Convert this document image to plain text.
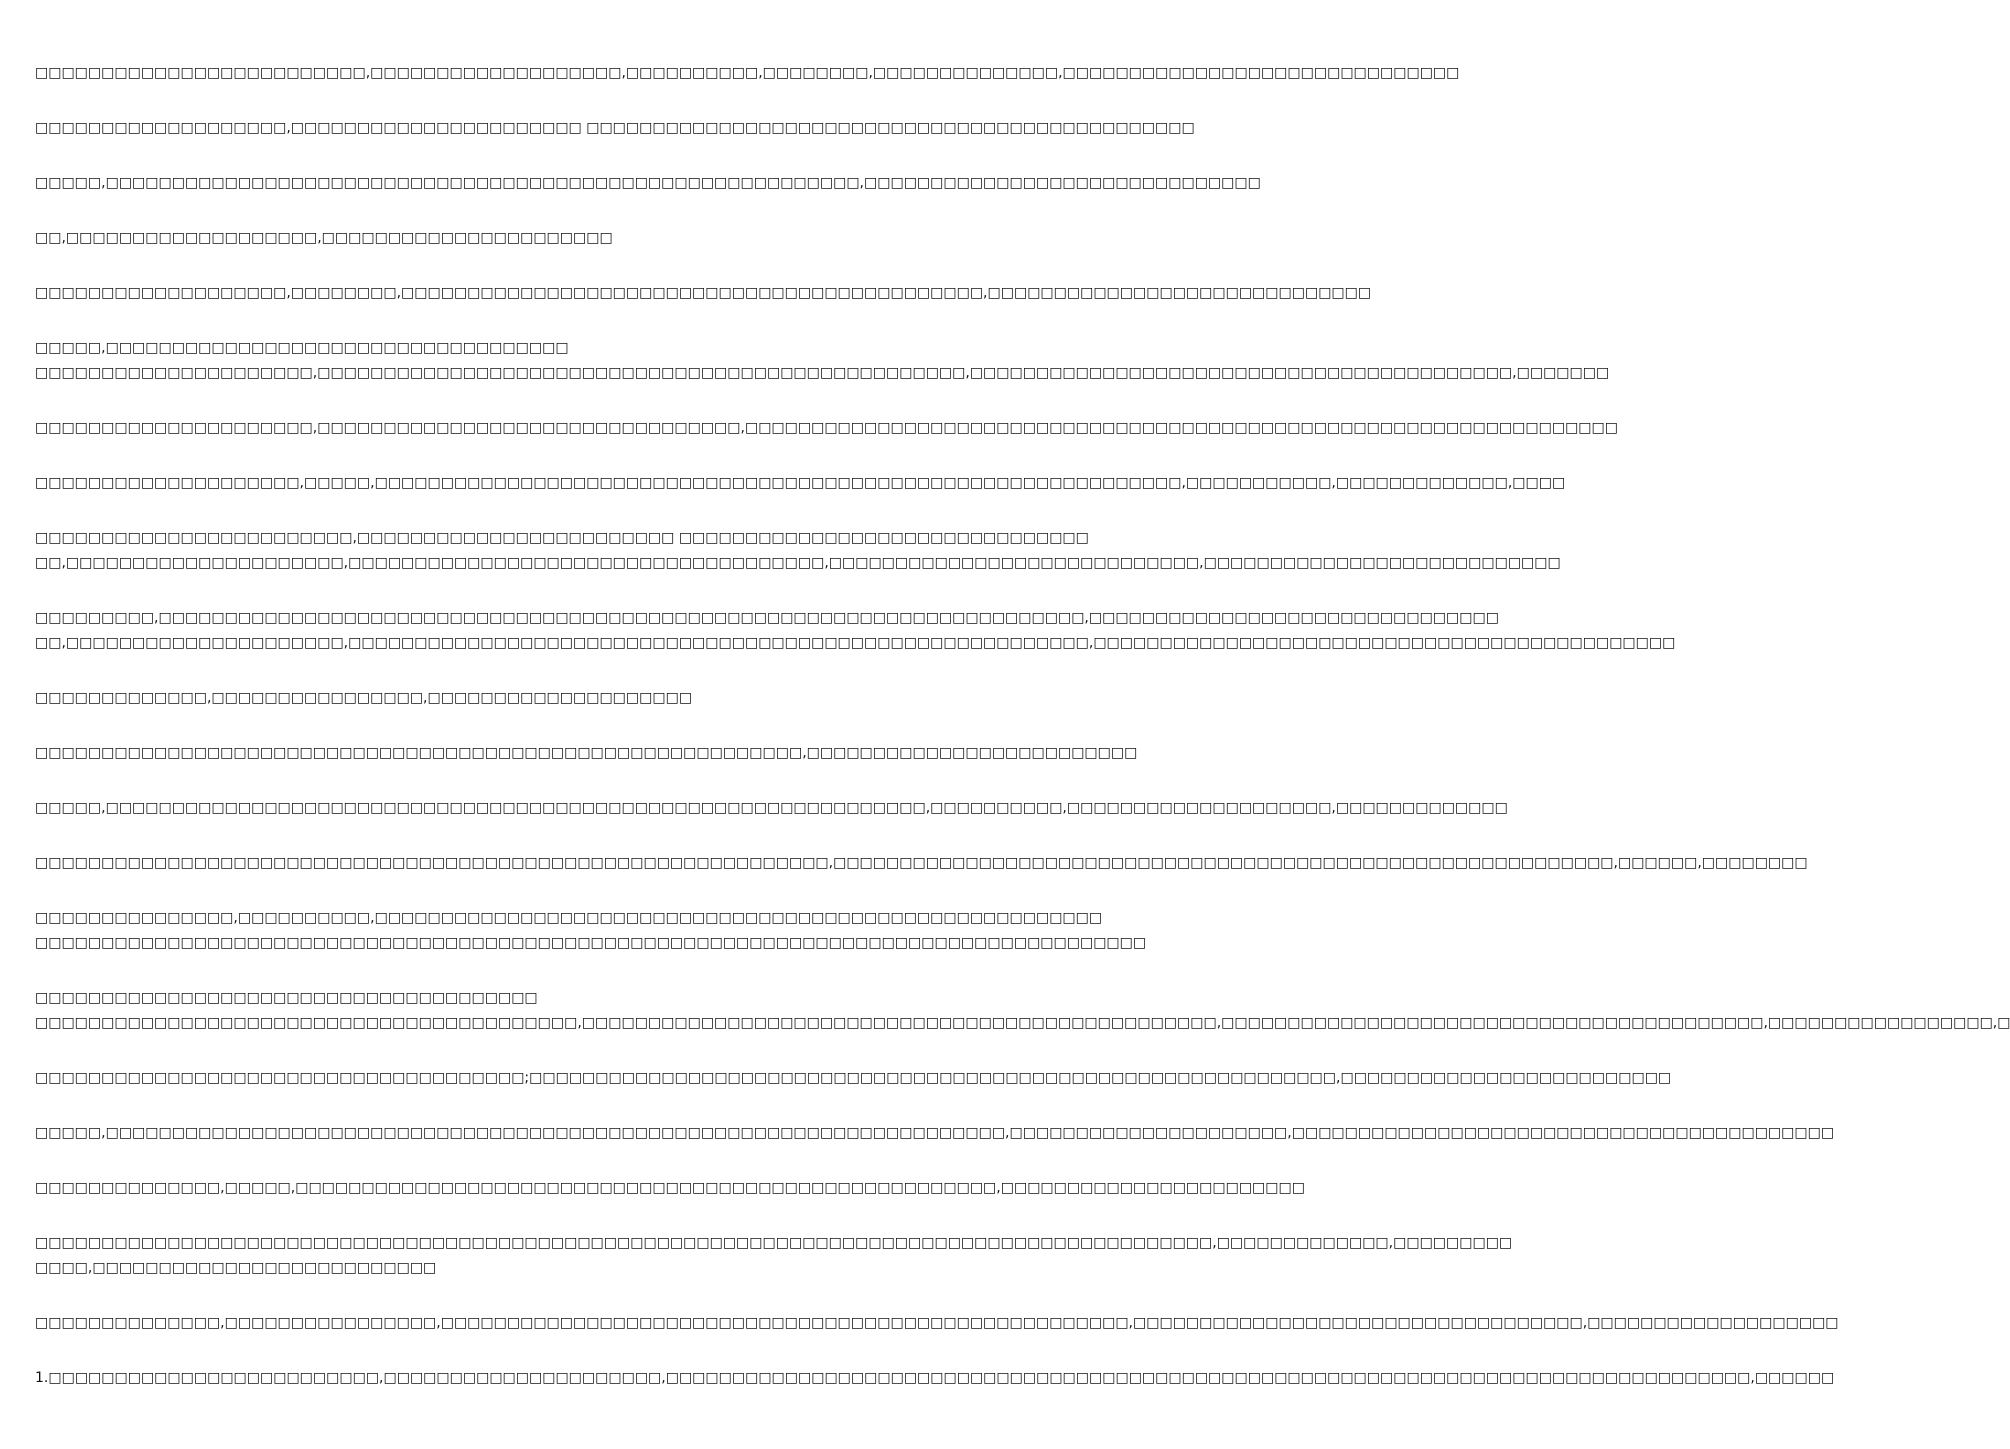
□□□□□□□□□□□□□□□□□□□□□□□□□,□□□□□□□□□□□□□□□□□□□,□□□□□□□□□□,□□□□□□□□,□□□□□□□□□□□□□□,□□□□□□□□□□□□□□□□□□□□□□□□□□□□□□
□□□□□□□□□□□□□□□□□□□,□□□□□□□□□□□□□□□□□□□□□□ □□□□□□□□□□□□□□□□□□□□□□□□□□□□□□□□□□□□□□□□□□□□□□
□□□□□,□□□□□□□□□□□□□□□□□□□□□□□□□□□□□□□□□□□□□□□□□□□□□□□□□□□□□□□□□,□□□□□□□□□□□□□□□□□□□□□□□□□□□□□□
□□,□□□□□□□□□□□□□□□□□□□,□□□□□□□□□□□□□□□□□□□□□□
□□□□□□□□□□□□□□□□□□□,□□□□□□□□,□□□□□□□□□□□□□□□□□□□□□□□□□□□□□□□□□□□□□□□□□□□□,□□□□□□□□□□□□□□□□□□□□□□□□□□□□□
□□□□□,□□□□□□□□□□□□□□□□□□□□□□□□□□□□□□□□□□□
□□□□□□□□□□□□□□□□□□□□□,□□□□□□□□□□□□□□□□□□□□□□□□□□□□□□□□□□□□□□□□□□□□□□□□□,□□□□□□□□□□□□□□□□□□□□□□□□□□□□□□□□□□□□□□□□□,□□□□□□□
□□□□□□□□□□□□□□□□□□□□□,□□□□□□□□□□□□□□□□□□□□□□□□□□□□□□□□,□□□□□□□□□□□□□□□□□□□□□□□□□□□□□□□□□□□□□□□□□□□□□□□□□□□□□□□□□□□□□□□□□□
□□□□□□□□□□□□□□□□□□□□,□□□□□,□□□□□□□□□□□□□□□□□□□□□□□□□□□□□□□□□□□□□□□□□□□□□□□□□□□□□□□□□□□□□,□□□□□□□□□□□,□□□□□□□□□□□□□,□□□□
□□□□□□□□□□□□□□□□□□□□□□□□,□□□□□□□□□□□□□□□□□□□□□□□□ □□□□□□□□□□□□□□□□□□□□□□□□□□□□□□□
□□,□□□□□□□□□□□□□□□□□□□□□,□□□□□□□□□□□□□□□□□□□□□□□□□□□□□□□□□□□□,□□□□□□□□□□□□□□□□□□□□□□□□□□□□,□□□□□□□□□□□□□□□□□□□□□□□□□□□
□□□□□□□□□,□□□□□□□□□□□□□□□□□□□□□□□□□□□□□□□□□□□□□□□□□□□□□□□□□□□□□□□□□□□□□□□□□□□□□□,□□□□□□□□□□□□□□□□□□□□□□□□□□□□□□□
□□,□□□□□□□□□□□□□□□□□□□□□,□□□□□□□□□□□□□□□□□□□□□□□□□□□□□□□□□□□□□□□□□□□□□□□□□□□□□□□□,□□□□□□□□□□□□□□□□□□□□□□□□□□□□□□□□□□□□□□□□□□□□
□□□□□□□□□□□□□,□□□□□□□□□□□□□□□□,□□□□□□□□□□□□□□□□□□□□
□□□□□□□□□□□□□□□□□□□□□□□□□□□□□□□□□□□□□□□□□□□□□□□□□□□□□□□□□□,□□□□□□□□□□□□□□□□□□□□□□□□□
□□□□□,□□□□□□□□□□□□□□□□□□□□□□□□□□□□□□□□□□□□□□□□□□□□□□□□□□□□□□□□□□□□□□,□□□□□□□□□□,□□□□□□□□□□□□□□□□□□□□,□□□□□□□□□□□□□
□□□□□□□□□□□□□□□□□□□□□□□□□□□□□□□□□□□□□□□□□□□□□□□□□□□□□□□□□□□□,□□□□□□□□□□□□□□□□□□□□□□□□□□□□□□□□□□□□□□□□□□□□□□□□□□□□□□□□□□□,□□□□□□,□□□□□□□□
□□□□□□□□□□□□□□□,□□□□□□□□□□,□□□□□□□□□□□□□□□□□□□□□□□□□□□□□□□□□□□□□□□□□□□□□□□□□□□□□□□
□□□□□□□□□□□□□□□□□□□□□□□□□□□□□□□□□□□□□□□□□□□□□□□□□□□□□□□□□□□□□□□□□□□□□□□□□□□□□□□□□□□□
□□□□□□□□□□□□□□□□□□□□□□□□□□□□□□□□□□□□□□
□□□□□□□□□□□□□□□□□□□□□□□□□□□□□□□□□□□□□□□□□,□□□□□□□□□□□□□□□□□□□□□□□□□□□□□□□□□□□□□□□□□□□□□□□□,□□□□□□□□□□□□□□□□□□□□□□□□□□□□□□□□□□□□□□□□□,□□□□□□□□□□□□□□□□□,□
□□□□□□□□□□□□□□□□□□□□□□□□□□□□□□□□□□□□□;□□□□□□□□□□□□□□□□□□□□□□□□□□□□□□□□□□□□□□□□□□□□□□□□□□□□□□□□□□□□□,□□□□□□□□□□□□□□□□□□□□□□□□□
□□□□□,□□□□□□□□□□□□□□□□□□□□□□□□□□□□□□□□□□□□□□□□□□□□□□□□□□□□□□□□□□□□□□□□□□□□,□□□□□□□□□□□□□□□□□□□□□,□□□□□□□□□□□□□□□□□□□□□□□□□□□□□□□□□□□□□□□□□
□□□□□□□□□□□□□□,□□□□□,□□□□□□□□□□□□□□□□□□□□□□□□□□□□□□□□□□□□□□□□□□□□□□□□□□□□□,□□□□□□□□□□□□□□□□□□□□□□□
□□□□□□□□□□□□□□□□□□□□□□□□□□□□□□□□□□□□□□□□□□□□□□□□□□□□□□□□□□□□□□□□□□□□□□□□□□□□□□□□□□□□□□□□□,□□□□□□□□□□□□□,□□□□□□□□□
□□□□,□□□□□□□□□□□□□□□□□□□□□□□□□□
□□□□□□□□□□□□□□,□□□□□□□□□□□□□□□□,□□□□□□□□□□□□□□□□□□□□□□□□□□□□□□□□□□□□□□□□□□□□□□□□□□□□,□□□□□□□□□□□□□□□□□□□□□□□□□□□□□□□□□□,□□□□□□□□□□□□□□□□□□□
1.□□□□□□□□□□□□□□□□□□□□□□□□□,□□□□□□□□□□□□□□□□□□□□□,□□□□□□□□□□□□□□□□□□□□□□□□□□□□□□□□□□□□□□□□□□□□□□□□□□□□□□□□□□□□□□□□□□□□□□□□□□□□□□□□□□,□□□□□□
